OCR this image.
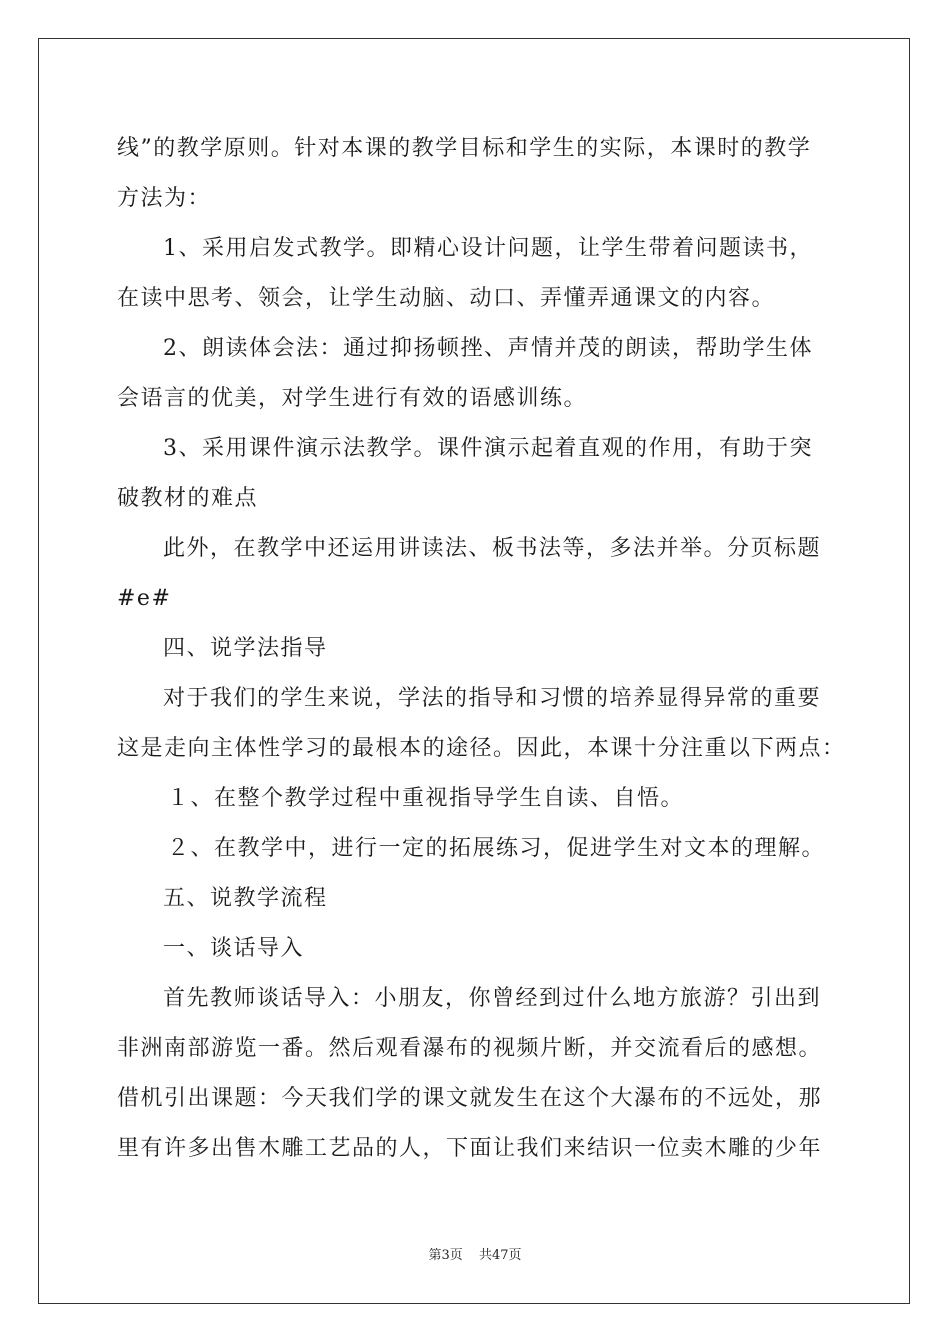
线”的教学原则。针对本课的教学目标和学生的实际，本课时的教学
方法为：
1、采用启发式教学。即精心设计问题，让学生带着问题读书，
在读中思考、领会，让学生动脑、动口、弄懂弄通课文的内容。
2、朗读体会法：通过抑扬顿挫、声情并茂的朗读，帮助学生体
会语言的优美，对学生进行有效的语感训练。
3、采用课件演示法教学。课件演示起着直观的作用，有助于突
破教材的难点
此外，在教学中还运用讲读法、板书法等，多法并举。分页标题
#e#
四、说学法指导
对于我们的学生来说，学法的指导和习惯的培养显得异常的重要
这是走向主体性学习的最根本的途径。因此，本课十分注重以下两点：
１、在整个教学过程中重视指导学生自读、自悟。
２、在教学中，进行一定的拓展练习，促进学生对文本的理解。
五、说教学流程
一、谈话导入
首先教师谈话导入：小朋友，你曾经到过什么地方旅游？引出到
非洲南部游览一番。然后观看瀑布的视频片断，并交流看后的感想。
借机引出课题：今天我们学的课文就发生在这个大瀑布的不远处，那
里有许多出售木雕工艺品的人，下面让我们来结识一位卖木雕的少年
第3页 共47页
